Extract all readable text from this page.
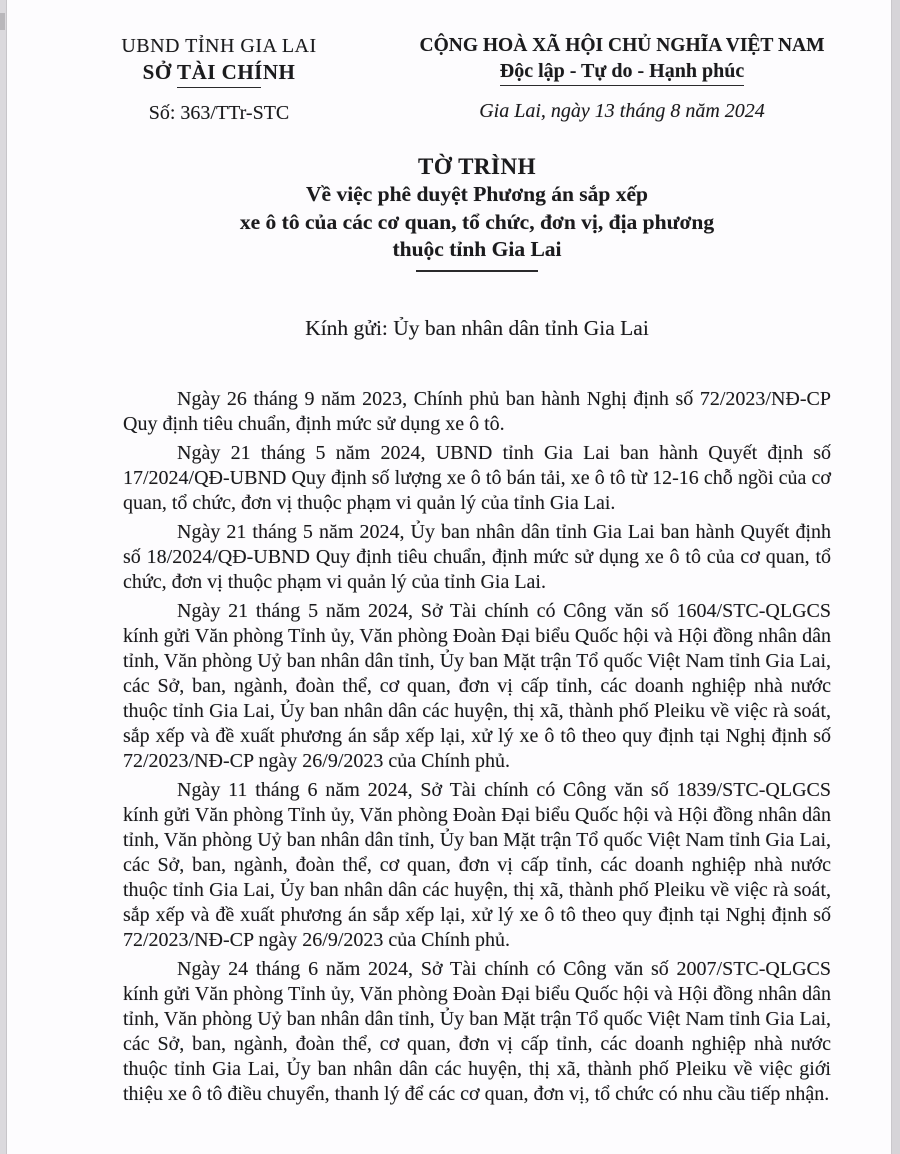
UBND TỈNH GIA LAI
SỞ TÀI CHÍNH
Số: 363/TTr-STC
CỘNG HOÀ XÃ HỘI CHỦ NGHĨA VIỆT NAM
Độc lập - Tự do - Hạnh phúc
Gia Lai, ngày 13 tháng 8 năm 2024
TỜ TRÌNH
Về việc phê duyệt Phương án sắp xếp
xe ô tô của các cơ quan, tổ chức, đơn vị, địa phương
thuộc tỉnh Gia Lai
Kính gửi: Ủy ban nhân dân tỉnh Gia Lai

Ngày 26 tháng 9 năm 2023, Chính phủ ban hành Nghị định số 72/2023/NĐ-CP Quy định tiêu chuẩn, định mức sử dụng xe ô tô.

Ngày 21 tháng 5 năm 2024, UBND tỉnh Gia Lai ban hành Quyết định số 17/2024/QĐ-UBND Quy định số lượng xe ô tô bán tải, xe ô tô từ 12-16 chỗ ngồi của cơ quan, tổ chức, đơn vị thuộc phạm vi quản lý của tỉnh Gia Lai.

Ngày 21 tháng 5 năm 2024, Ủy ban nhân dân tỉnh Gia Lai ban hành Quyết định số 18/2024/QĐ-UBND Quy định tiêu chuẩn, định mức sử dụng xe ô tô của cơ quan, tổ chức, đơn vị thuộc phạm vi quản lý của tỉnh Gia Lai.

Ngày 21 tháng 5 năm 2024, Sở Tài chính có Công văn số 1604/STC-QLGCS kính gửi Văn phòng Tỉnh ủy, Văn phòng Đoàn Đại biểu Quốc hội và Hội đồng nhân dân tỉnh, Văn phòng Uỷ ban nhân dân tỉnh, Ủy ban Mặt trận Tổ quốc Việt Nam tỉnh Gia Lai, các Sở, ban, ngành, đoàn thể, cơ quan, đơn vị cấp tỉnh, các doanh nghiệp nhà nước thuộc tỉnh Gia Lai, Ủy ban nhân dân các huyện, thị xã, thành phố Pleiku về việc rà soát, sắp xếp và đề xuất phương án sắp xếp lại, xử lý xe ô tô theo quy định tại Nghị định số 72/2023/NĐ-CP ngày 26/9/2023 của Chính phủ.

Ngày 11 tháng 6 năm 2024, Sở Tài chính có Công văn số 1839/STC-QLGCS kính gửi Văn phòng Tỉnh ủy, Văn phòng Đoàn Đại biểu Quốc hội và Hội đồng nhân dân tỉnh, Văn phòng Uỷ ban nhân dân tỉnh, Ủy ban Mặt trận Tổ quốc Việt Nam tỉnh Gia Lai, các Sở, ban, ngành, đoàn thể, cơ quan, đơn vị cấp tỉnh, các doanh nghiệp nhà nước thuộc tỉnh Gia Lai, Ủy ban nhân dân các huyện, thị xã, thành phố Pleiku về việc rà soát, sắp xếp và đề xuất phương án sắp xếp lại, xử lý xe ô tô theo quy định tại Nghị định số 72/2023/NĐ-CP ngày 26/9/2023 của Chính phủ.

Ngày 24 tháng 6 năm 2024, Sở Tài chính có Công văn số 2007/STC-QLGCS kính gửi Văn phòng Tỉnh ủy, Văn phòng Đoàn Đại biểu Quốc hội và Hội đồng nhân dân tỉnh, Văn phòng Uỷ ban nhân dân tỉnh, Ủy ban Mặt trận Tổ quốc Việt Nam tỉnh Gia Lai, các Sở, ban, ngành, đoàn thể, cơ quan, đơn vị cấp tỉnh, các doanh nghiệp nhà nước thuộc tỉnh Gia Lai, Ủy ban nhân dân các huyện, thị xã, thành phố Pleiku về việc giới thiệu xe ô tô điều chuyển, thanh lý để các cơ quan, đơn vị, tổ chức có nhu cầu tiếp nhận.
